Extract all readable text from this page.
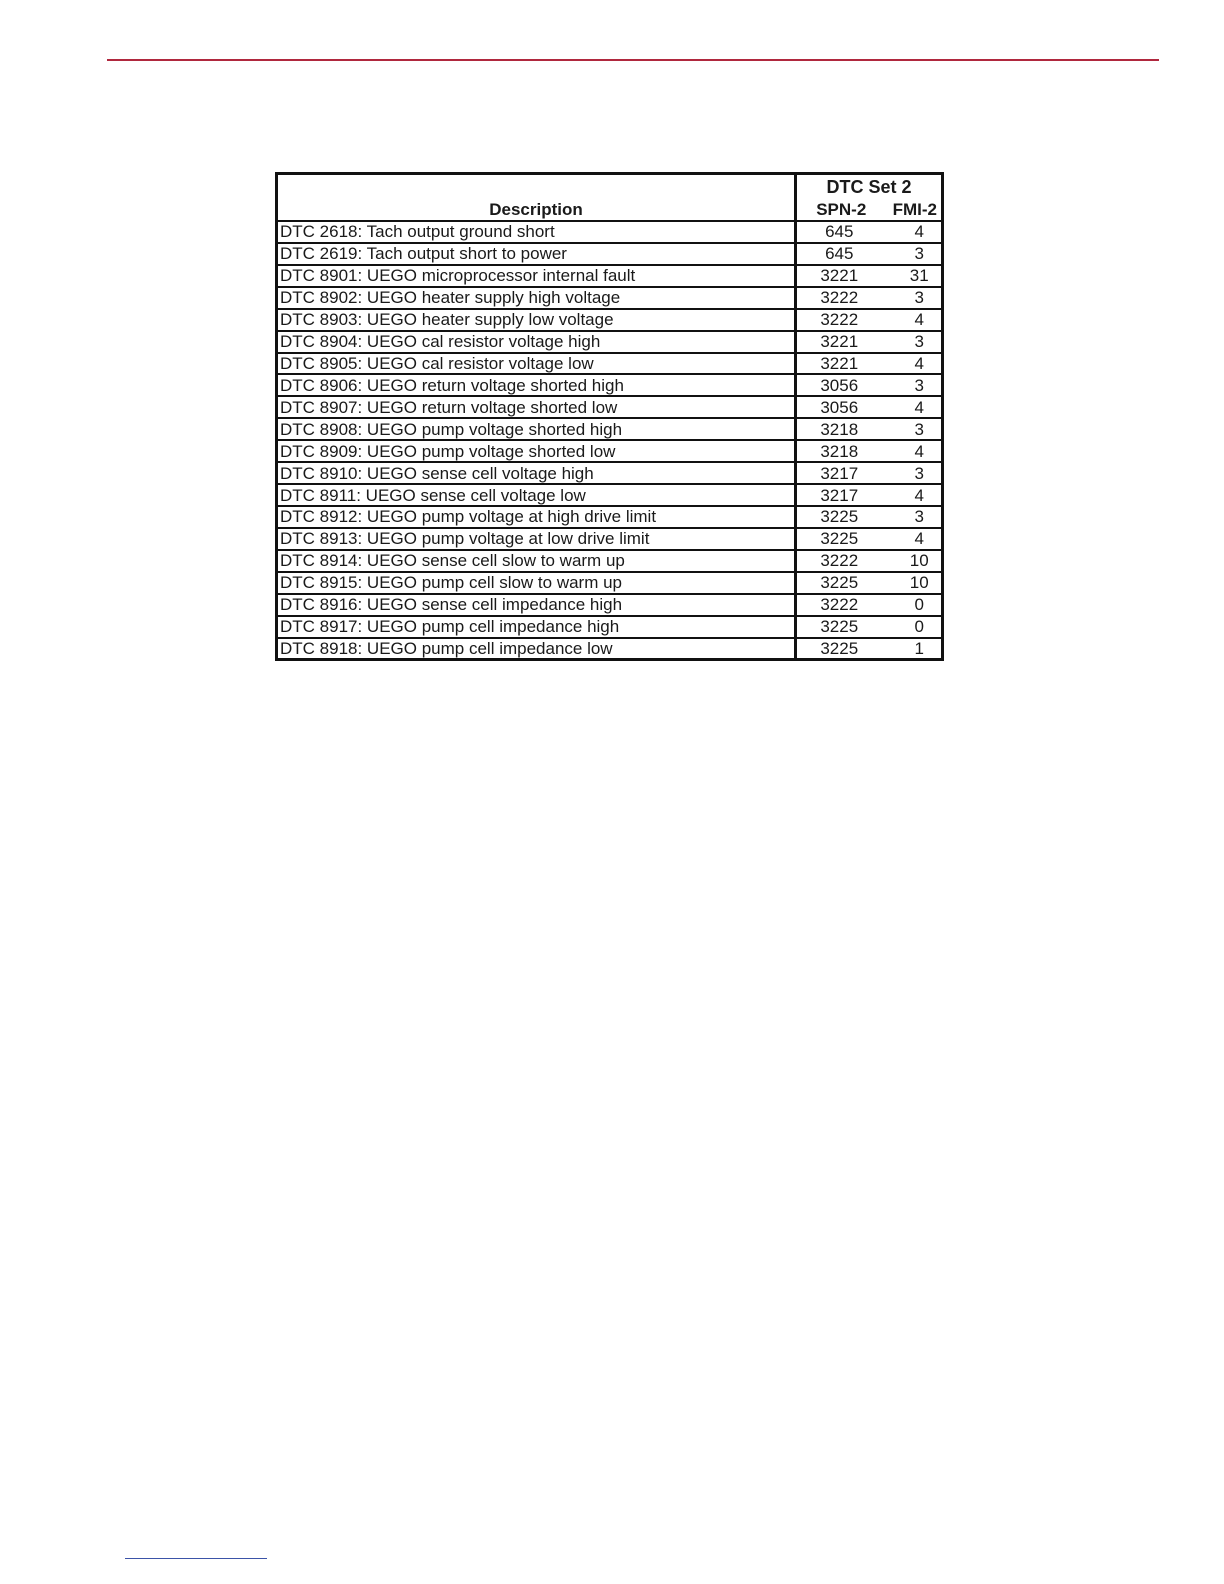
Description	DTC Set 2	
	SPN-2	FMI-2
DTC 2618: Tach output ground short	645	4
DTC 2619: Tach output short to power	645	3
DTC 8901: UEGO microprocessor internal fault	3221	31
DTC 8902: UEGO heater supply high voltage	3222	3
DTC 8903: UEGO heater supply low voltage	3222	4
DTC 8904: UEGO cal resistor voltage high	3221	3
DTC 8905: UEGO cal resistor voltage low	3221	4
DTC 8906: UEGO return voltage shorted high	3056	3
DTC 8907: UEGO return voltage shorted low	3056	4
DTC 8908: UEGO pump voltage shorted high	3218	3
DTC 8909: UEGO pump voltage shorted low	3218	4
DTC 8910: UEGO sense cell voltage high	3217	3
DTC 8911: UEGO sense cell voltage low	3217	4
DTC 8912: UEGO pump voltage at high drive limit	3225	3
DTC 8913: UEGO pump voltage at low drive limit	3225	4
DTC 8914: UEGO sense cell slow to warm up	3222	10
DTC 8915: UEGO pump cell slow to warm up	3225	10
DTC 8916: UEGO sense cell impedance high	3222	0
DTC 8917: UEGO pump cell impedance high	3225	0
DTC 8918: UEGO pump cell impedance low	3225	1
